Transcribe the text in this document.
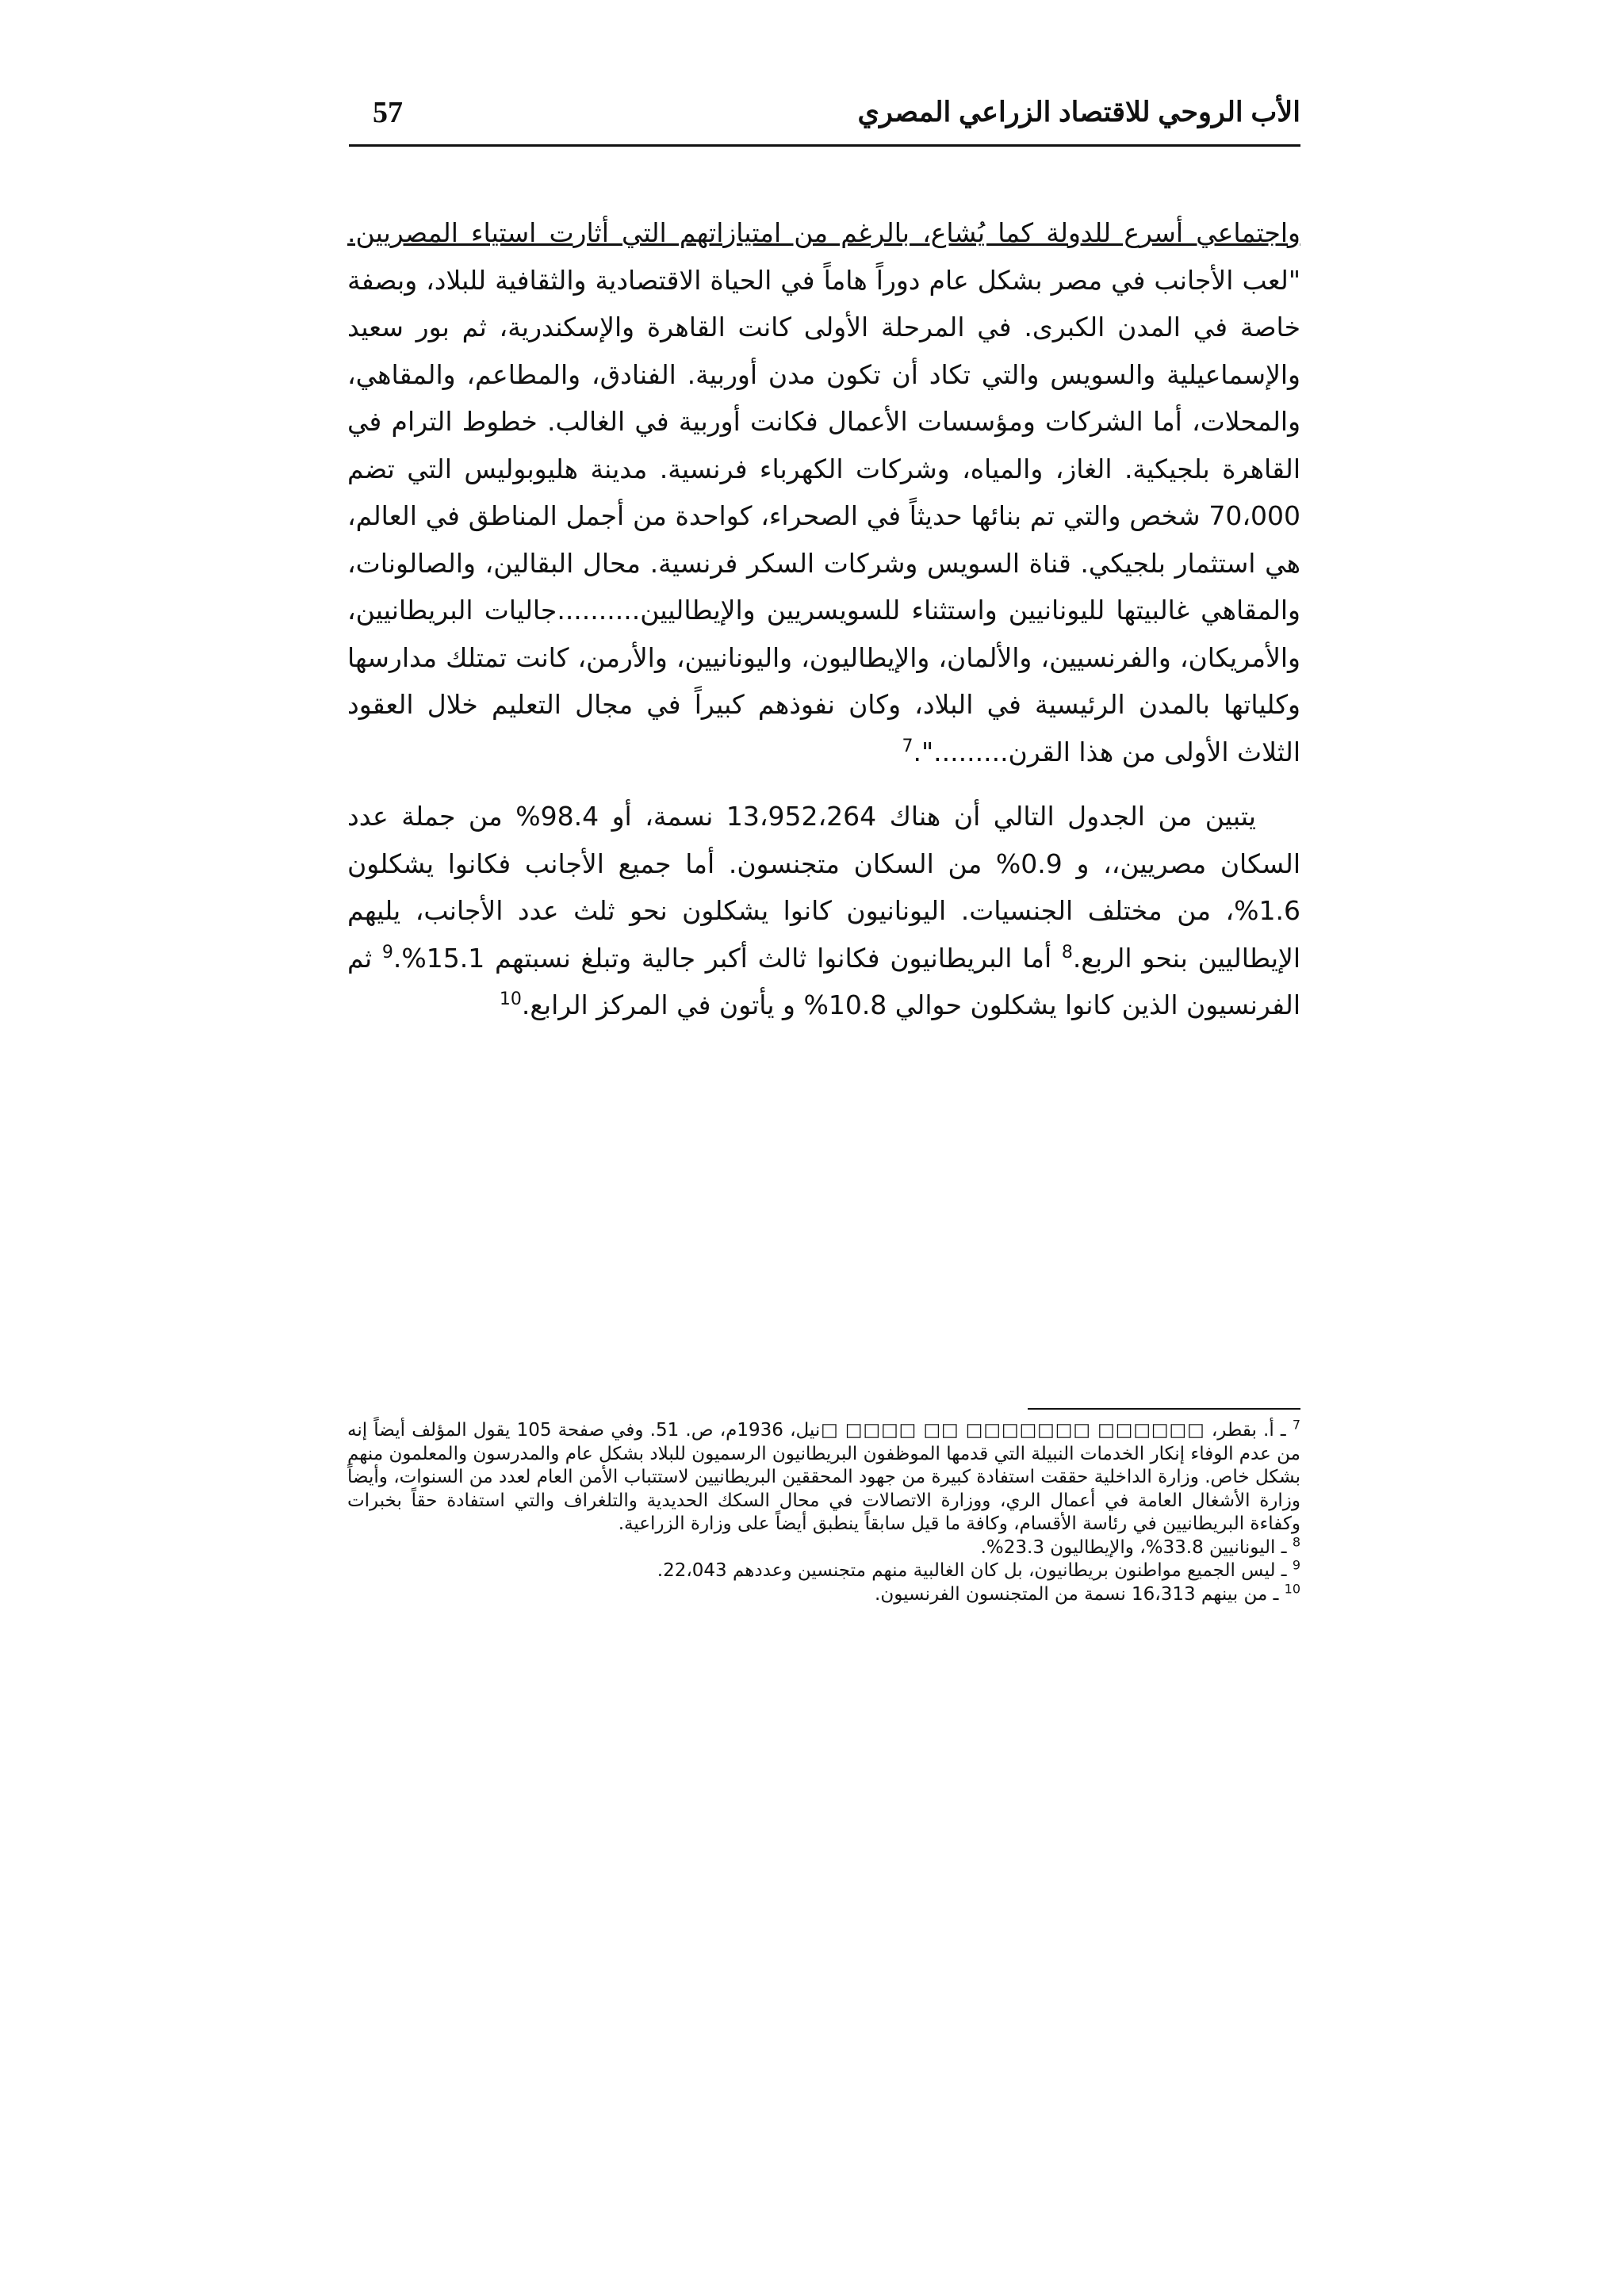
الأب الروحي للاقتصاد الزراعي المصري
57

واجتماعي أسرع للدولة كما يُشاع، بالرغم من امتيازاتهم التي أثارت استياء المصريين. "لعب الأجانب في مصر بشكل عام دوراً هاماً في الحياة الاقتصادية والثقافية للبلاد، وبصفة خاصة في المدن الكبرى. في المرحلة الأولى كانت القاهرة والإسكندرية، ثم بور سعيد والإسماعيلية والسويس والتي تكاد أن تكون مدن أوربية. الفنادق، والمطاعم، والمقاهي، والمحلات، أما الشركات ومؤسسات الأعمال فكانت أوربية في الغالب. خطوط الترام في القاهرة بلجيكية. الغاز، والمياه، وشركات الكهرباء فرنسية. مدينة هليوبوليس التي تضم 70،000 شخص والتي تم بنائها حديثاً في الصحراء، كواحدة من أجمل المناطق في العالم، هي استثمار بلجيكي. قناة السويس وشركات السكر فرنسية. محال البقالين، والصالونات، والمقاهي غالبيتها لليونانيين واستثناء للسويسريين والإيطاليين..........جاليات البريطانيين، والأمريكان، والفرنسيين، والألمان، والإيطاليون، واليونانيين، والأرمن، كانت تمتلك مدارسها وكلياتها بالمدن الرئيسية في البلاد، وكان نفوذهم كبيراً في مجال التعليم خلال العقود الثلاث الأولى من هذا القرن.........".$^7$

يتبين من الجدول التالي أن هناك 13،952،264 نسمة، أو 98.4% من جملة عدد السكان مصريين،، و 0.9% من السكان متجنسون. أما جميع الأجانب فكانوا يشكلون 1.6%، من مختلف الجنسيات. اليونانيون كانوا يشكلون نحو ثلث عدد الأجانب، يليهم الإيطاليين بنحو الربع.$^8$ أما البريطانيون فكانوا ثالث أكبر جالية وتبلغ نسبتهم 15.1%.$^9$ ثم الفرنسيون الذين كانوا يشكلون حوالي 10.8% و يأتون في المركز الرابع.$^{10}$

$^7$ ـ أ. بقطر، □□□□□□ □□□□□□□ □□ □□□□ □نيل، 1936م، ص. 51. وفي صفحة 105 يقول المؤلف أيضاً إنه من عدم الوفاء إنكار الخدمات النبيلة التي قدمها الموظفون البريطانيون الرسميون للبلاد بشكل عام والمدرسون والمعلمون منهم بشكل خاص. وزارة الداخلية حققت استفادة كبيرة من جهود المحققين البريطانيين لاستتباب الأمن العام لعدد من السنوات، وأيضاً وزارة الأشغال العامة في أعمال الري، ووزارة الاتصالات في محال السكك الحديدية والتلغراف والتي استفادة حقاً بخبرات وكفاءة البريطانيين في رئاسة الأقسام، وكافة ما قيل سابقاً ينطبق أيضاً على وزارة الزراعية.

$^8$ ـ اليونانيين 33.8%، والإيطاليون 23.3%.

$^9$ ـ ليس الجميع مواطنون بريطانيون، بل كان الغالبية منهم متجنسين وعددهم 22،043.

$^{10}$ ـ من بينهم 16،313 نسمة من المتجنسون الفرنسيون.
